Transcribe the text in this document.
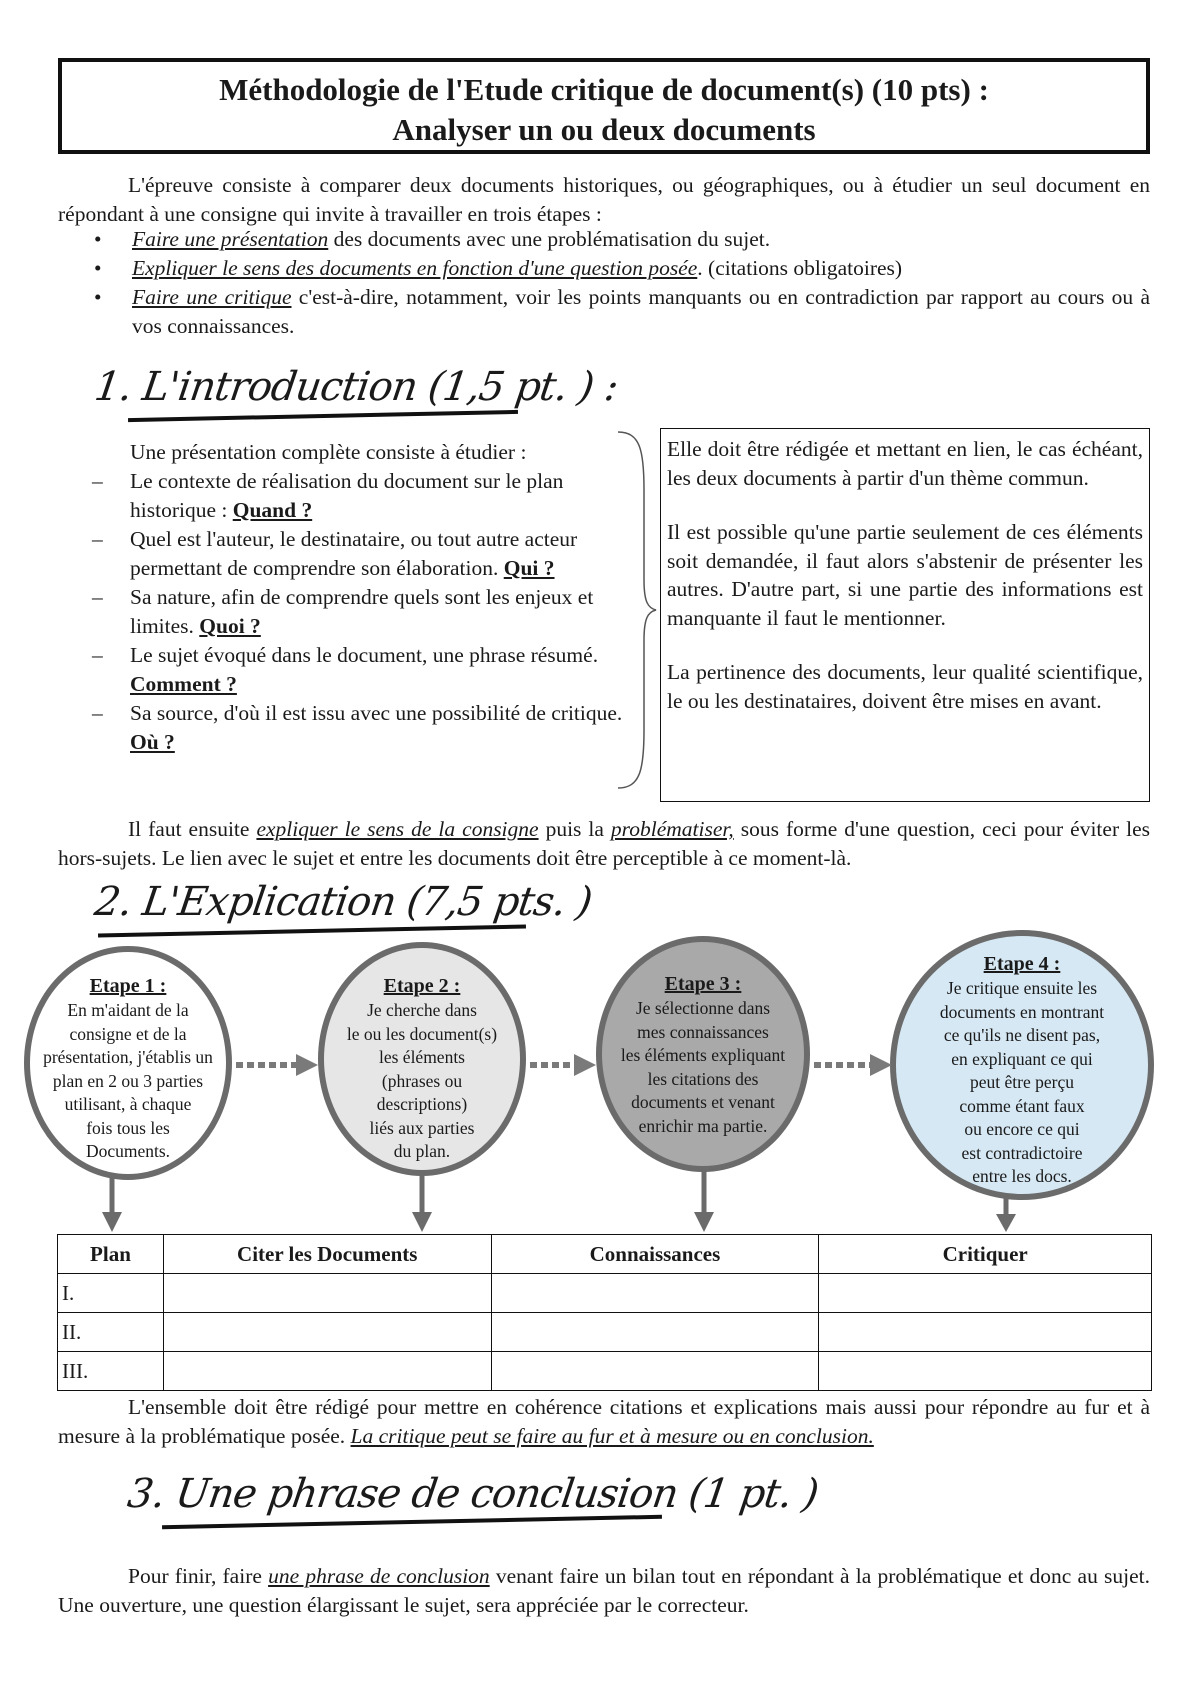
Méthodologie de l'Etude critique de document(s) (10 pts) :
Analyser un ou deux documents
L'épreuve consiste à comparer deux documents historiques, ou géographiques, ou à étudier un seul document en répondant à une consigne qui invite à travailler en trois étapes :
• Faire une présentation des documents avec une problématisation du sujet.
• Expliquer le sens des documents en fonction d'une question posée. (citations obligatoires)
• Faire une critique c'est-à-dire, notamment, voir les points manquants ou en contradiction par rapport au cours ou à vos connaissances.
1. L'introduction (1,5 pt. ) :
Une présentation complète consiste à étudier :
– Le contexte de réalisation du document sur le plan historique : Quand ?
– Quel est l'auteur, le destinataire, ou tout autre acteur permettant de comprendre son élaboration. Qui ?
– Sa nature, afin de comprendre quels sont les enjeux et limites. Quoi ?
– Le sujet évoqué dans le document, une phrase résumé. Comment ?
– Sa source, d'où il est issu avec une possibilité de critique. Où ?

Elle doit être rédigée et mettant en lien, le cas échéant, les deux documents à partir d'un thème commun.

Il est possible qu'une partie seulement de ces éléments soit demandée, il faut alors s'abstenir de présenter les autres. D'autre part, si une partie des informations est manquante il faut le mentionner.

La pertinence des documents, leur qualité scientifique, le ou les destinataires, doivent être mises en avant.

Il faut ensuite expliquer le sens de la consigne puis la problématiser, sous forme d'une question, ceci pour éviter les hors-sujets. Le lien avec le sujet et entre les documents doit être perceptible à ce moment-là.
2. L'Explication (7,5 pts. )
Etape 1 :
En m'aidant de la
consigne et de la
présentation, j'établis un
plan en 2 ou 3 parties
utilisant, à chaque
fois tous les
Documents.
Etape 2 :
Je cherche dans
le ou les document(s)
les éléments
(phrases ou
descriptions)
liés aux parties
du plan.
Etape 3 :
Je sélectionne dans
mes connaissances
les éléments expliquant
les citations des
documents et venant
enrichir ma partie.
Etape 4 :
Je critique ensuite les
documents en montrant
ce qu'ils ne disent pas,
en expliquant ce qui
peut être perçu
comme étant faux
ou encore ce qui
est contradictoire
entre les docs.
Plan	Citer les Documents	Connaissances	Critiquer
I.			
II.			
III.			
L'ensemble doit être rédigé pour mettre en cohérence citations et explications mais aussi pour répondre au fur et à mesure à la problématique posée. La critique peut se faire au fur et à mesure ou en conclusion.
3. Une phrase de conclusion (1 pt. )
Pour finir, faire une phrase de conclusion venant faire un bilan tout en répondant à la problématique et donc au sujet. Une ouverture, une question élargissant le sujet, sera appréciée par le correcteur.
